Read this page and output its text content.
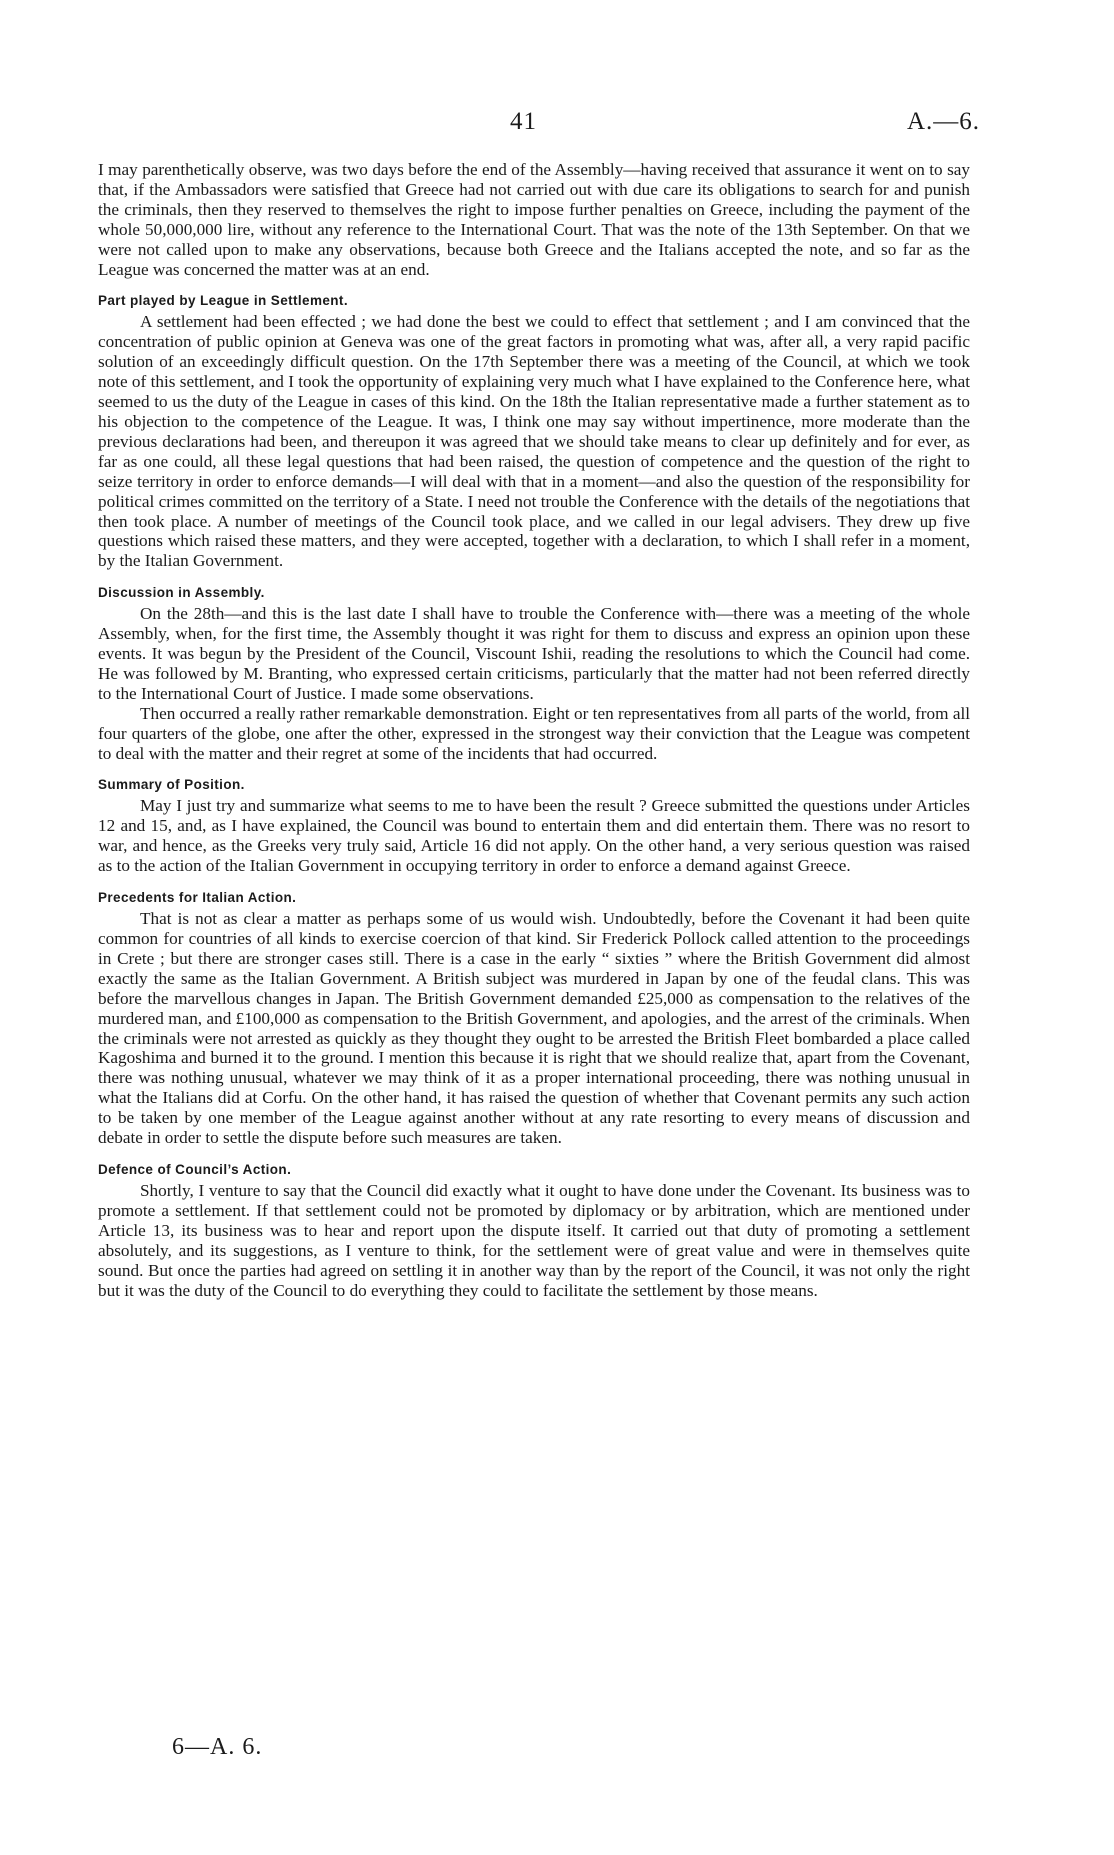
41	A.—6.

I may parenthetically observe, was two days before the end of the Assembly—having received that assurance it went on to say that, if the Ambassadors were satisfied that Greece had not carried out with due care its obligations to search for and punish the criminals, then they reserved to themselves the right to impose further penalties on Greece, including the payment of the whole 50,000,000 lire, without any reference to the International Court. That was the note of the 13th September. On that we were not called upon to make any observations, because both Greece and the Italians accepted the note, and so far as the League was concerned the matter was at an end.

Part played by League in Settlement.

A settlement had been effected ; we had done the best we could to effect that settlement ; and I am convinced that the concentration of public opinion at Geneva was one of the great factors in promoting what was, after all, a very rapid pacific solution of an exceedingly difficult question. On the 17th September there was a meeting of the Council, at which we took note of this settlement, and I took the opportunity of explaining very much what I have explained to the Conference here, what seemed to us the duty of the League in cases of this kind. On the 18th the Italian representative made a further statement as to his objection to the competence of the League. It was, I think one may say without impertinence, more moderate than the previous declarations had been, and thereupon it was agreed that we should take means to clear up definitely and for ever, as far as one could, all these legal questions that had been raised, the question of competence and the question of the right to seize territory in order to enforce demands—I will deal with that in a moment—and also the question of the responsibility for political crimes committed on the territory of a State. I need not trouble the Conference with the details of the negotiations that then took place. A number of meetings of the Council took place, and we called in our legal advisers. They drew up five questions which raised these matters, and they were accepted, together with a declaration, to which I shall refer in a moment, by the Italian Government.

Discussion in Assembly.

On the 28th—and this is the last date I shall have to trouble the Conference with—there was a meeting of the whole Assembly, when, for the first time, the Assembly thought it was right for them to discuss and express an opinion upon these events. It was begun by the President of the Council, Viscount Ishii, reading the resolutions to which the Council had come. He was followed by M. Branting, who expressed certain criticisms, particularly that the matter had not been referred directly to the International Court of Justice. I made some observations.

Then occurred a really rather remarkable demonstration. Eight or ten representatives from all parts of the world, from all four quarters of the globe, one after the other, expressed in the strongest way their conviction that the League was competent to deal with the matter and their regret at some of the incidents that had occurred.

Summary of Position.

May I just try and summarize what seems to me to have been the result ? Greece submitted the questions under Articles 12 and 15, and, as I have explained, the Council was bound to entertain them and did entertain them. There was no resort to war, and hence, as the Greeks very truly said, Article 16 did not apply. On the other hand, a very serious question was raised as to the action of the Italian Government in occupying territory in order to enforce a demand against Greece.

Precedents for Italian Action.

That is not as clear a matter as perhaps some of us would wish. Undoubtedly, before the Covenant it had been quite common for countries of all kinds to exercise coercion of that kind. Sir Frederick Pollock called attention to the proceedings in Crete ; but there are stronger cases still. There is a case in the early “ sixties ” where the British Government did almost exactly the same as the Italian Government. A British subject was murdered in Japan by one of the feudal clans. This was before the marvellous changes in Japan. The British Government demanded £25,000 as compensation to the relatives of the murdered man, and £100,000 as compensation to the British Government, and apologies, and the arrest of the criminals. When the criminals were not arrested as quickly as they thought they ought to be arrested the British Fleet bombarded a place called Kagoshima and burned it to the ground. I mention this because it is right that we should realize that, apart from the Covenant, there was nothing unusual, whatever we may think of it as a proper international proceeding, there was nothing unusual in what the Italians did at Corfu. On the other hand, it has raised the question of whether that Covenant permits any such action to be taken by one member of the League against another without at any rate resorting to every means of discussion and debate in order to settle the dispute before such measures are taken.

Defence of Council’s Action.

Shortly, I venture to say that the Council did exactly what it ought to have done under the Covenant. Its business was to promote a settlement. If that settlement could not be promoted by diplomacy or by arbitration, which are mentioned under Article 13, its business was to hear and report upon the dispute itself. It carried out that duty of promoting a settlement absolutely, and its suggestions, as I venture to think, for the settlement were of great value and were in themselves quite sound. But once the parties had agreed on settling it in another way than by the report of the Council, it was not only the right but it was the duty of the Council to do everything they could to facilitate the settlement by those means.

6—A. 6.
